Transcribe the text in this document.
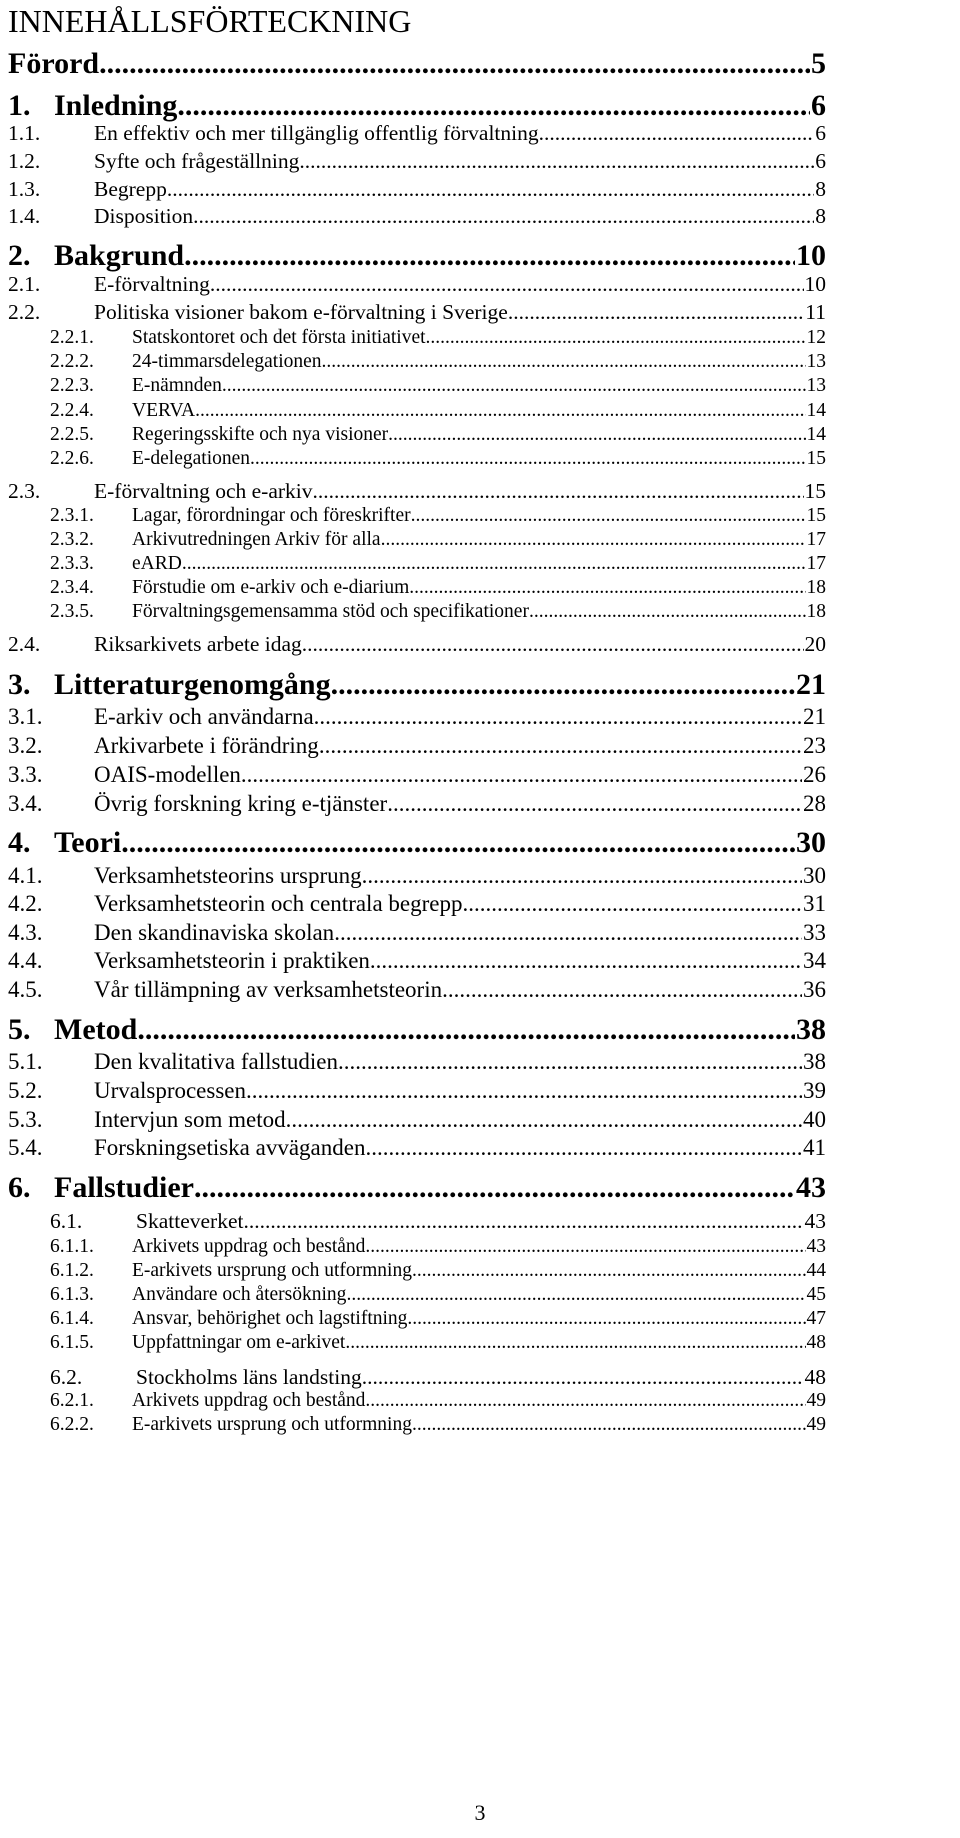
INNEHÅLLSFÖRTECKNING
Förord .....	5
1. Inledning .....	6
1.1.	En effektiv och mer tillgänglig offentlig förvaltning .....	6
1.2.	Syfte och frågeställning .....	6
1.3.	Begrepp .....	8
1.4.	Disposition .....	8
2. Bakgrund .....	10
2.1.	E-förvaltning .....	10
2.2.	Politiska visioner bakom e-förvaltning i Sverige .....	11
2.2.1.	Statskontoret och det första initiativet .....	12
2.2.2.	24-timmarsdelegationen .....	13
2.2.3.	E-nämnden .....	13
2.2.4.	VERVA .....	14
2.2.5.	Regeringsskifte och nya visioner .....	14
2.2.6.	E-delegationen .....	15
2.3.	E-förvaltning och e-arkiv .....	15
2.3.1.	Lagar, förordningar och föreskrifter .....	15
2.3.2.	Arkivutredningen Arkiv för alla .....	17
2.3.3.	eARD .....	17
2.3.4.	Förstudie om e-arkiv och e-diarium .....	18
2.3.5.	Förvaltningsgemensamma stöd och specifikationer .....	18
2.4.	Riksarkivets arbete idag .....	20
3. Litteraturgenomgång .....	21
3.1.	E-arkiv och användarna .....	21
3.2.	Arkivarbete i förändring .....	23
3.3.	OAIS-modellen .....	26
3.4.	Övrig forskning kring e-tjänster .....	28
4. Teori .....	30
4.1.	Verksamhetsteorins ursprung .....	30
4.2.	Verksamhetsteorin och centrala begrepp .....	31
4.3.	Den skandinaviska skolan .....	33
4.4.	Verksamhetsteorin i praktiken .....	34
4.5.	Vår tillämpning av verksamhetsteorin .....	36
5. Metod .....	38
5.1.	Den kvalitativa fallstudien .....	38
5.2.	Urvalsprocessen .....	39
5.3.	Intervjun som metod .....	40
5.4.	Forskningsetiska avväganden .....	41
6. Fallstudier .....	43
6.1.	Skatteverket .....	43
6.1.1.	Arkivets uppdrag och bestånd .....	43
6.1.2.	E-arkivets ursprung och utformning .....	44
6.1.3.	Användare och återsökning .....	45
6.1.4.	Ansvar, behörighet och lagstiftning .....	47
6.1.5.	Uppfattningar om e-arkivet .....	48
6.2.	Stockholms läns landsting .....	48
6.2.1.	Arkivets uppdrag och bestånd .....	49
6.2.2.	E-arkivets ursprung och utformning .....	49
3
